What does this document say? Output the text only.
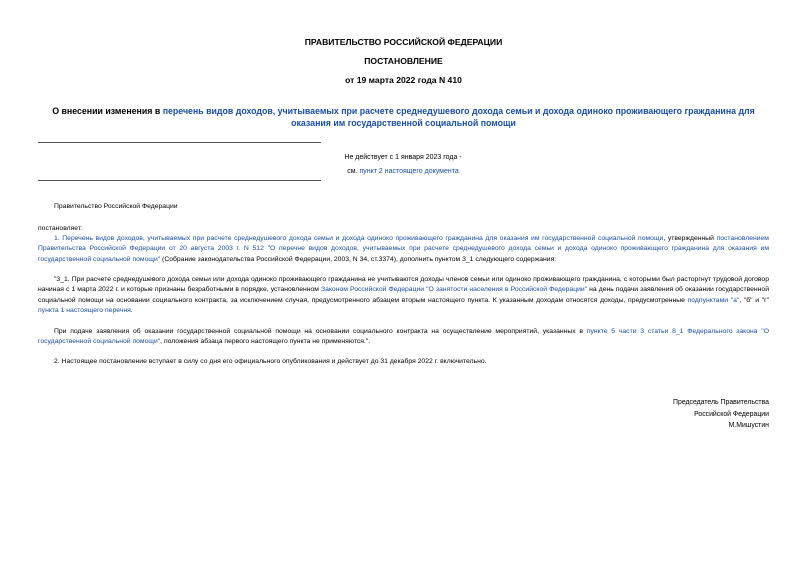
ПРАВИТЕЛЬСТВО РОССИЙСКОЙ ФЕДЕРАЦИИ
ПОСТАНОВЛЕНИЕ
от 19 марта 2022 года N 410
О внесении изменения в перечень видов доходов, учитываемых при расчете среднедушевого дохода семьи и дохода одиноко проживающего гражданина для оказания им государственной социальной помощи
Не действует с 1 января 2023 года -
см. пункт 2 настоящего документа
Правительство Российской Федерации
постановляет:

1. Перечень видов доходов, учитываемых при расчете среднедушевого дохода семьи и дохода одиноко проживающего гражданина для оказания им государственной социальной помощи, утвержденный постановлением Правительства Российской Федерации от 20 августа 2003 г. N 512 "О перечне видов доходов, учитываемых при расчете среднедушевого дохода семьи и дохода одиноко проживающего гражданина для оказания им государственной социальной помощи" (Собрание законодательства Российской Федерации, 2003, N 34, ст.3374), дополнить пунктом 3_1 следующего содержания:

"3_1. При расчете среднедушевого дохода семьи или дохода одиноко проживающего гражданина не учитываются доходы членов семьи или одиноко проживающего гражданина, с которыми был расторгнут трудовой договор начиная с 1 марта 2022 г. и которые признаны безработными в порядке, установленном Законом Российской Федерации "О занятости населения в Российской Федерации" на день подачи заявления об оказании государственной социальной помощи на основании социального контракта, за исключением случая, предусмотренного абзацем вторым настоящего пункта. К указанным доходам относятся доходы, предусмотренные подпунктами "а", "б" и "г" пункта 1 настоящего перечня.

При подаче заявления об оказании государственной социальной помощи на основании социального контракта на осуществление мероприятий, указанных в пункте 5 части 3 статьи 8_1 Федерального закона "О государственной социальной помощи", положения абзаца первого настоящего пункта не применяются.".

2. Настоящее постановление вступает в силу со дня его официального опубликования и действует до 31 декабря 2022 г. включительно.

Председатель Правительства
Российской Федерации
М.Мишустин
